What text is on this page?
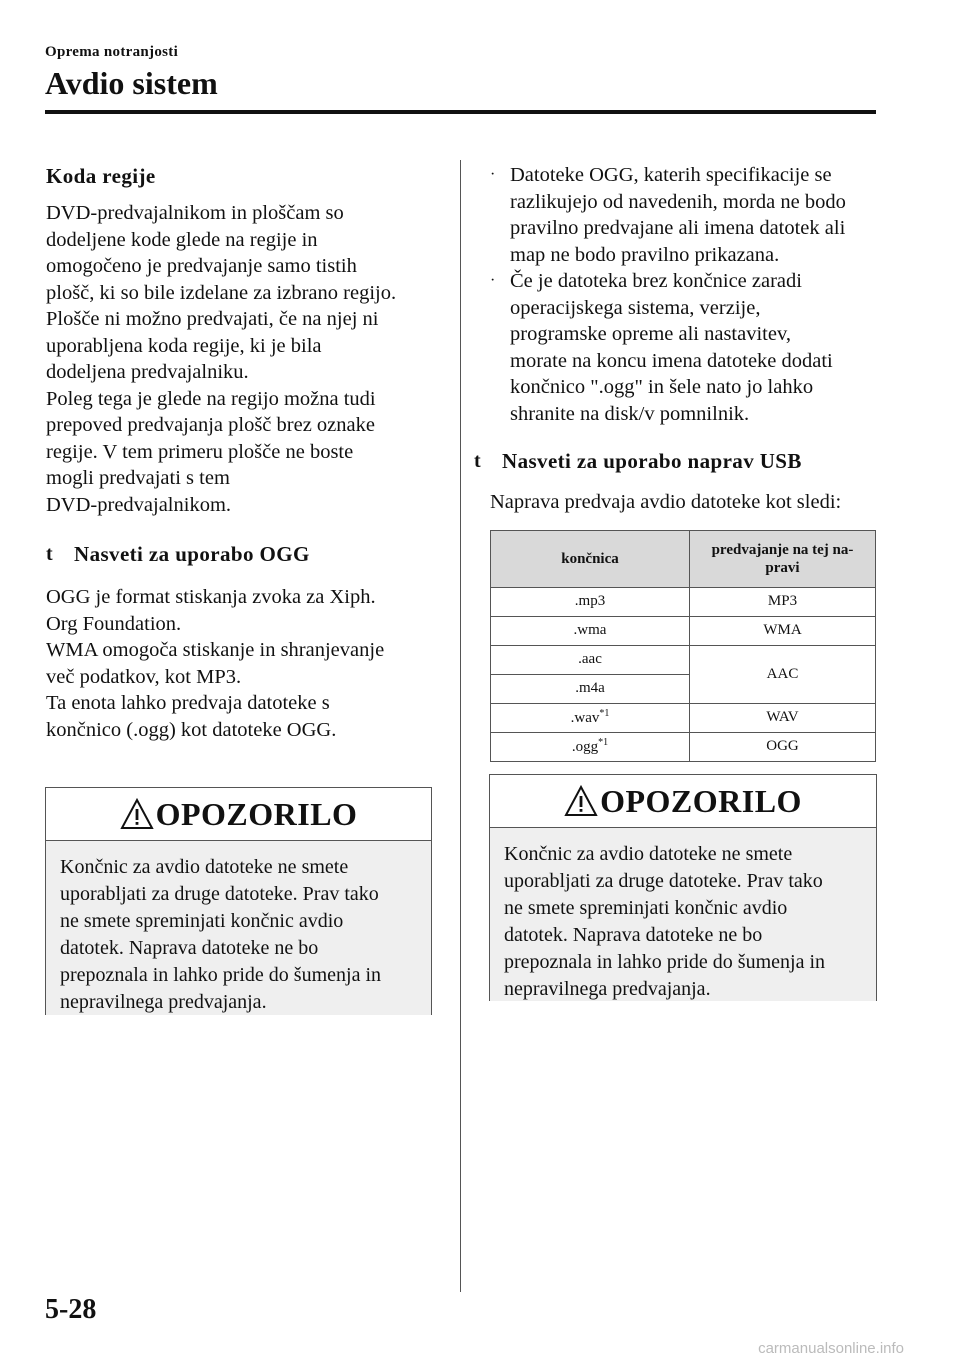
Oprema notranjosti
Avdio sistem
Koda regije

DVD-predvajalnikom in ploščam so
dodeljene kode glede na regije in
omogočeno je predvajanje samo tistih
plošč, ki so bile izdelane za izbrano regijo.
Plošče ni možno predvajati, če na njej ni
uporabljena koda regije, ki je bila
dodeljena predvajalniku.
Poleg tega je glede na regijo možna tudi
prepoved predvajanja plošč brez oznake
regije. V tem primeru plošče ne boste
mogli predvajati s tem
DVD-predvajalnikom.

t Nasveti za uporabo OGG

OGG je format stiskanja zvoka za Xiph.
Org Foundation.
WMA omogoča stiskanje in shranjevanje
več podatkov, kot MP3.
Ta enota lahko predvaja datoteke s
končnico (.ogg) kot datoteke OGG.

OPOZORILO
Končnic za avdio datoteke ne smete
uporabljati za druge datoteke. Prav tako
ne smete spreminjati končnic avdio
datotek. Naprava datoteke ne bo
prepoznala in lahko pride do šumenja in
nepravilnega predvajanja.
· Datoteke OGG, katerih specifikacije se
razlikujejo od navedenih, morda ne bodo
pravilno predvajane ali imena datotek ali
map ne bodo pravilno prikazana.
· Če je datoteka brez končnice zaradi
operacijskega sistema, verzije,
programske opreme ali nastavitev,
morate na koncu imena datoteke dodati
končnico ".ogg" in šele nato jo lahko
shranite na disk/v pomnilnik.
t Nasveti za uporabo naprav USB

Naprava predvaja avdio datoteke kot sledi:

končnica	predvajanje na tej na-
pravi
.mp3	MP3
.wma	WMA
.aac	AAC
.m4a	
.wav$^{*1}$	WAV
.ogg$^{*1}$	OGG
OPOZORILO
Končnic za avdio datoteke ne smete
uporabljati za druge datoteke. Prav tako
ne smete spreminjati končnic avdio
datotek. Naprava datoteke ne bo
prepoznala in lahko pride do šumenja in
nepravilnega predvajanja.
5-28
carmanualsonline.info
